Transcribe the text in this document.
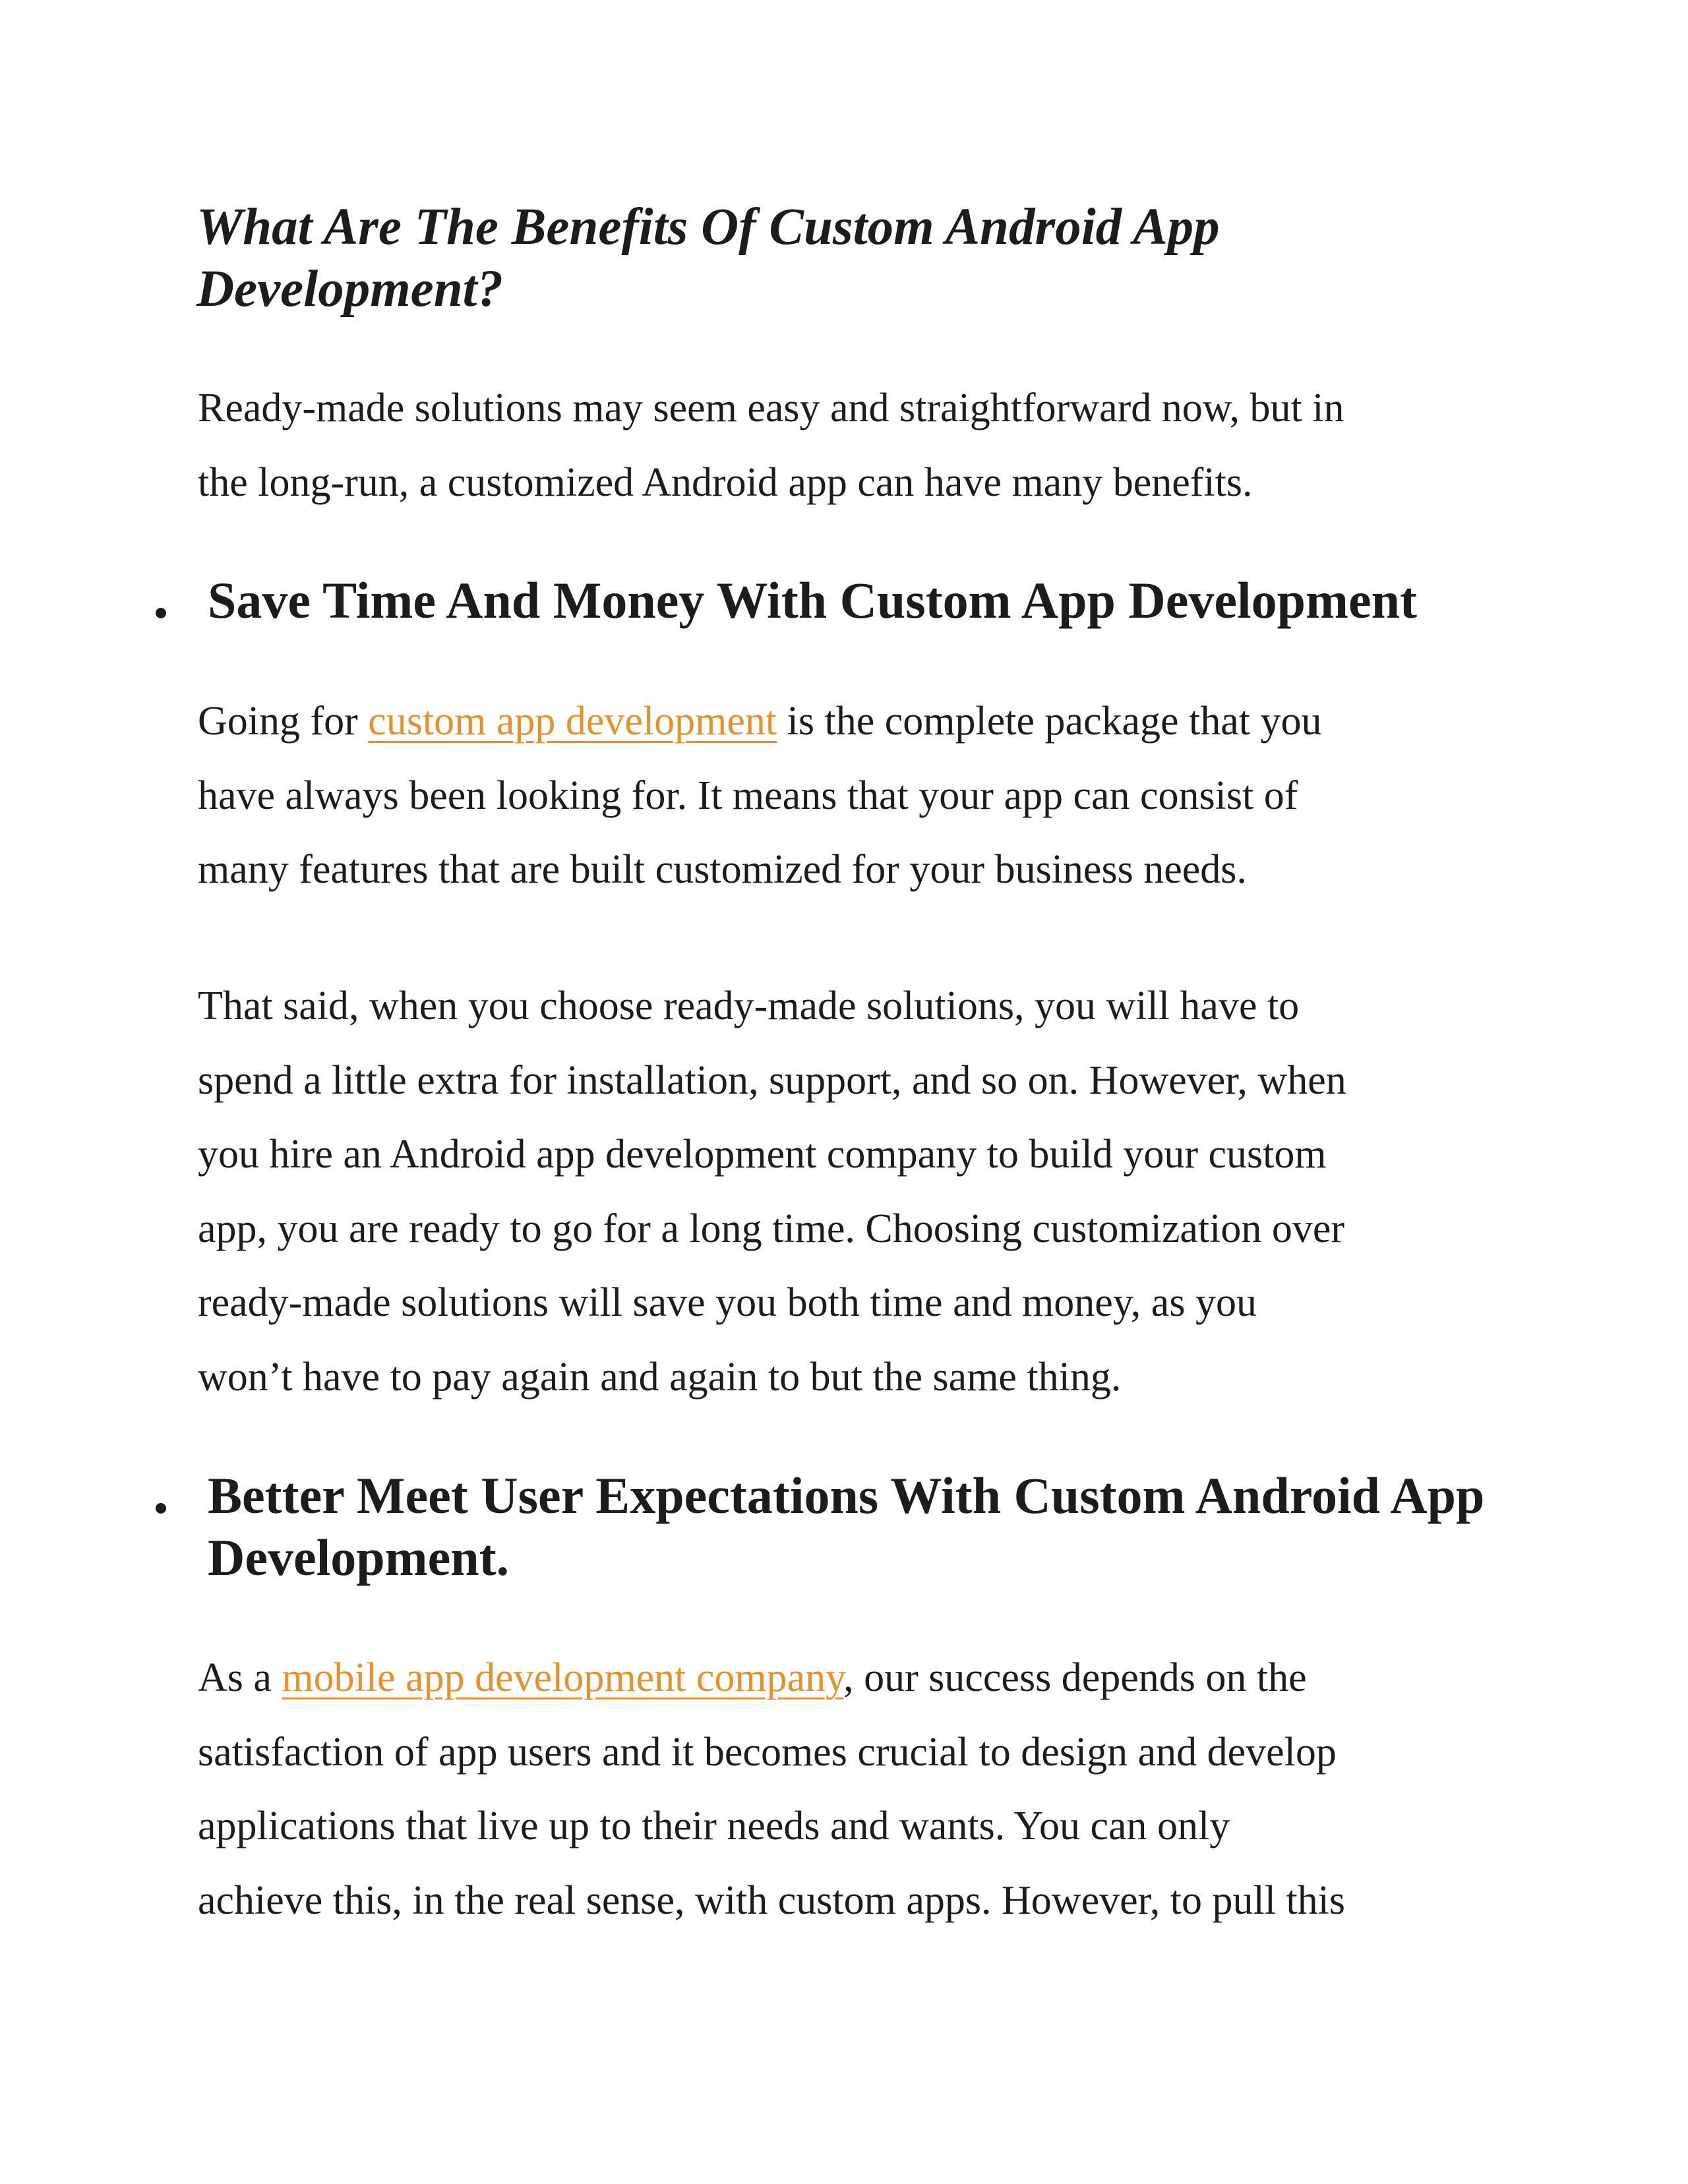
What Are The Benefits Of Custom Android App
Development?

Ready-made solutions may seem easy and straightforward now, but in
the long-run, a customized Android app can have many benefits.

Save Time And Money With Custom App Development

Going for custom app development is the complete package that you
have always been looking for. It means that your app can consist of
many features that are built customized for your business needs.

That said, when you choose ready-made solutions, you will have to
spend a little extra for installation, support, and so on. However, when
you hire an Android app development company to build your custom
app, you are ready to go for a long time. Choosing customization over
ready-made solutions will save you both time and money, as you
won’t have to pay again and again to but the same thing.

Better Meet User Expectations With Custom Android App
Development.

As a mobile app development company, our success depends on the
satisfaction of app users and it becomes crucial to design and develop
applications that live up to their needs and wants. You can only
achieve this, in the real sense, with custom apps. However, to pull this
